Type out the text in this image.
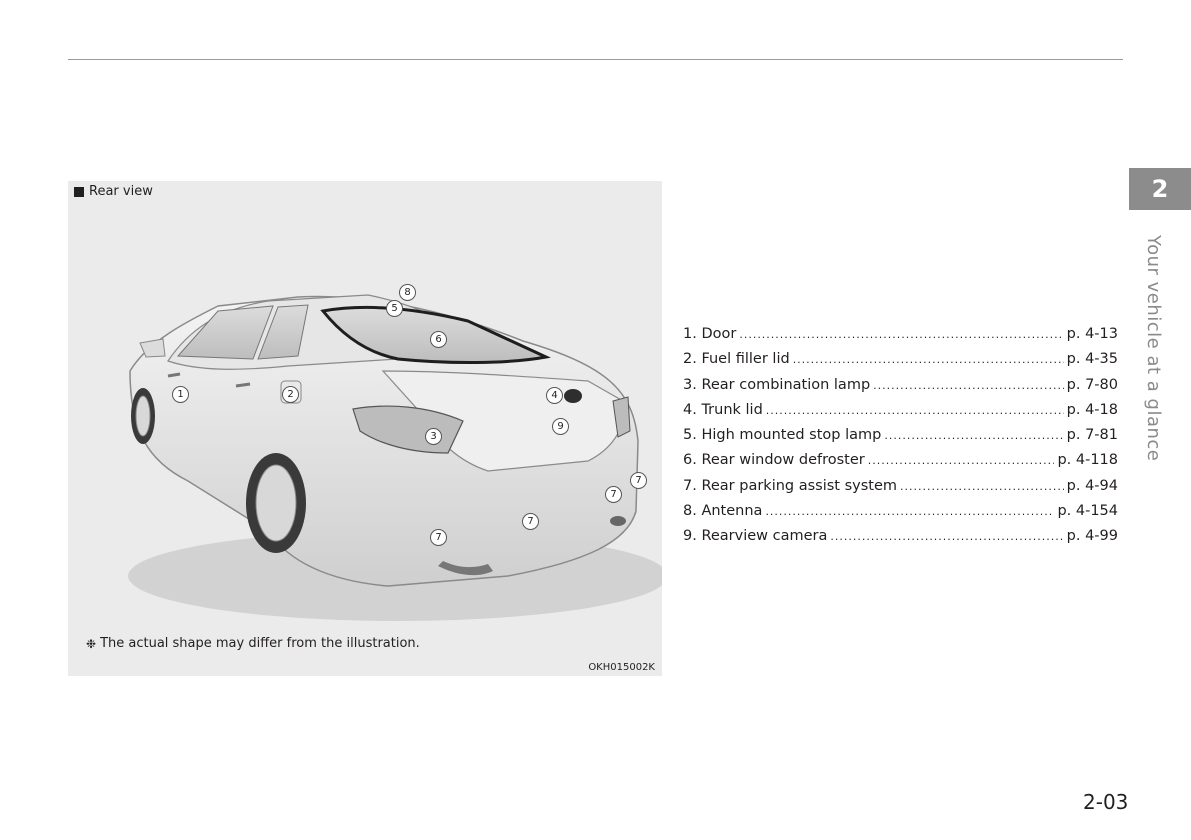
2
Your vehicle at a glance
Rear view
1	2
3
4
5
6
7
7
7
7
8
9
❉ The actual shape may differ from the illustration.
OKH015002K
1. Door .....	p. 4-13
2. Fuel filler lid .....	p. 4-35
3. Rear combination lamp .....	p. 7-80
4. Trunk lid .....	p. 4-18
5. High mounted stop lamp .....	p. 7-81
6. Rear window defroster .....	p. 4-118
7. Rear parking assist system .....	p. 4-94
8. Antenna .....	p. 4-154
9. Rearview camera .....	p. 4-99
2-03
